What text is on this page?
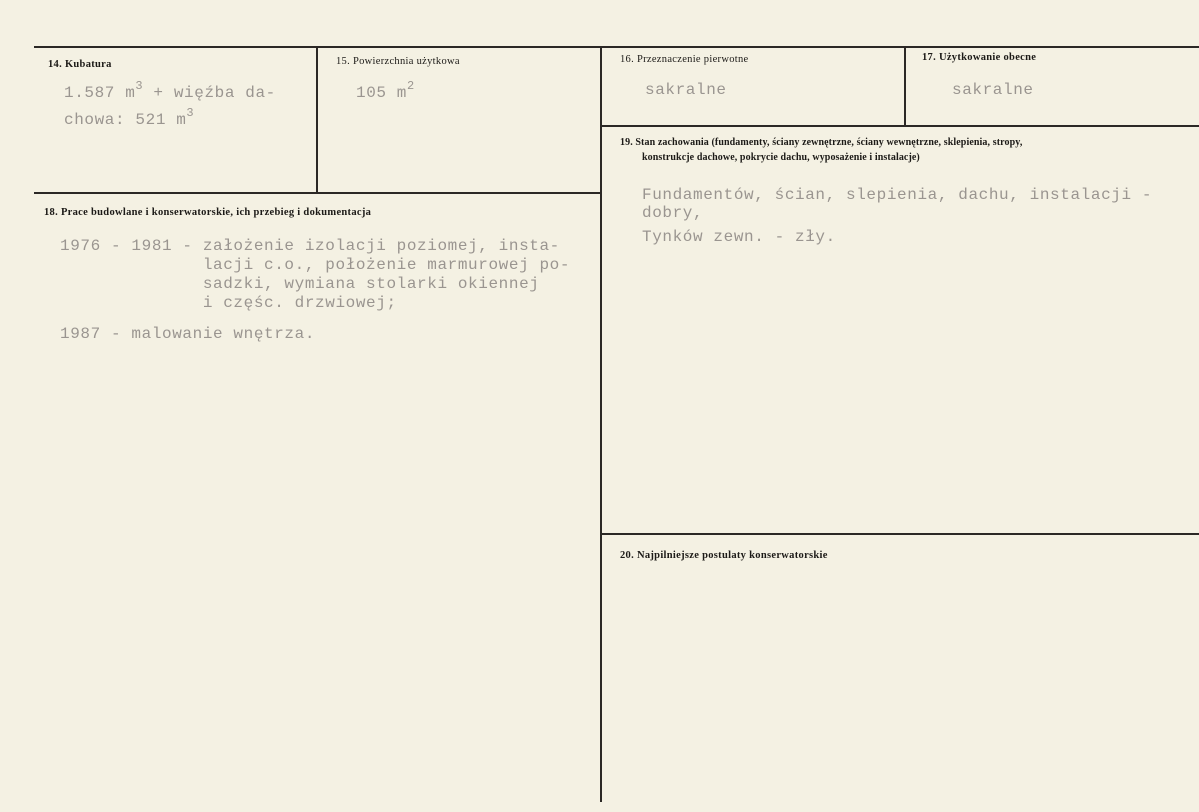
14. Kubatura
1.587 $m^3$ + więźba da-
chowa: 521 $m^3$
15. Powierzchnia użytkowa
105 $m^2$
16. Przeznaczenie pierwotne
sakralne
17. Użytkowanie obecne
sakralne
18. Prace budowlane i konserwatorskie, ich przebieg i dokumentacja
1976 - 1981 - założenie izolacji poziomej, insta-
lacji c.o., położenie marmurowej po-
sadzki, wymiana stolarki okiennej
i częśc. drzwiowej;
1987 - malowanie wnętrza.
19. Stan zachowania (fundamenty, ściany zewnętrzne, ściany wewnętrzne, sklepienia, stropy,
konstrukcje dachowe, pokrycie dachu, wyposażenie i instalacje)
Fundamentów, ścian, slepienia, dachu, instalacji -
dobry,
Tynków zewn. - zły.
20. Najpilniejsze postulaty konserwatorskie
